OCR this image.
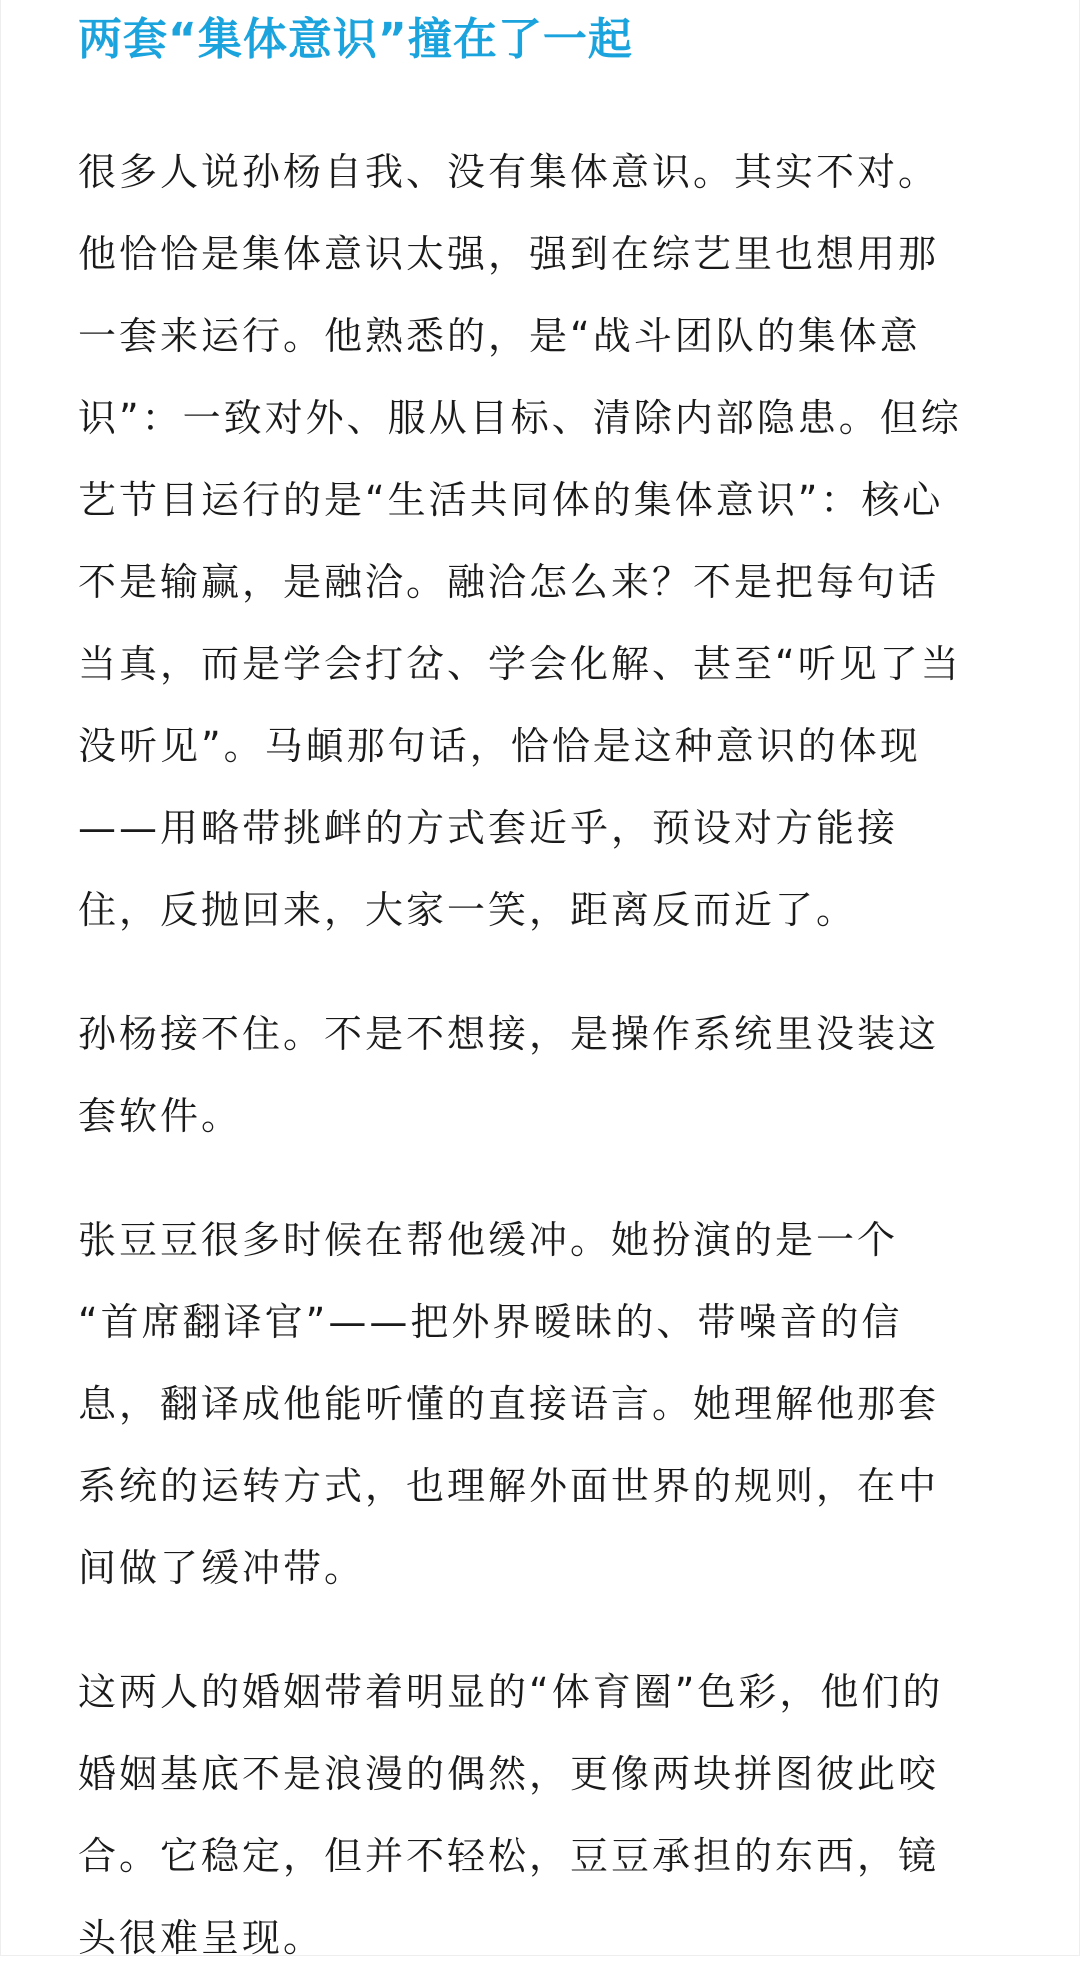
两套“集体意识”撞在了一起
很多人说孙杨自我、没有集体意识。其实不对。
他恰恰是集体意识太强，强到在综艺里也想用那
一套来运行。他熟悉的，是“战斗团队的集体意
识”：一致对外、服从目标、清除内部隐患。但综
艺节目运行的是“生活共同体的集体意识”：核心
不是输赢，是融洽。融洽怎么来？不是把每句话
当真，而是学会打岔、学会化解、甚至“听见了当
没听见”。马頔那句话，恰恰是这种意识的体现
——用略带挑衅的方式套近乎，预设对方能接
住，反抛回来，大家一笑，距离反而近了。
孙杨接不住。不是不想接，是操作系统里没装这
套软件。
张豆豆很多时候在帮他缓冲。她扮演的是一个
“首席翻译官”——把外界暧昧的、带噪音的信
息，翻译成他能听懂的直接语言。她理解他那套
系统的运转方式，也理解外面世界的规则，在中
间做了缓冲带。
这两人的婚姻带着明显的“体育圈”色彩，他们的
婚姻基底不是浪漫的偶然，更像两块拼图彼此咬
合。它稳定，但并不轻松，豆豆承担的东西，镜
头很难呈现。
